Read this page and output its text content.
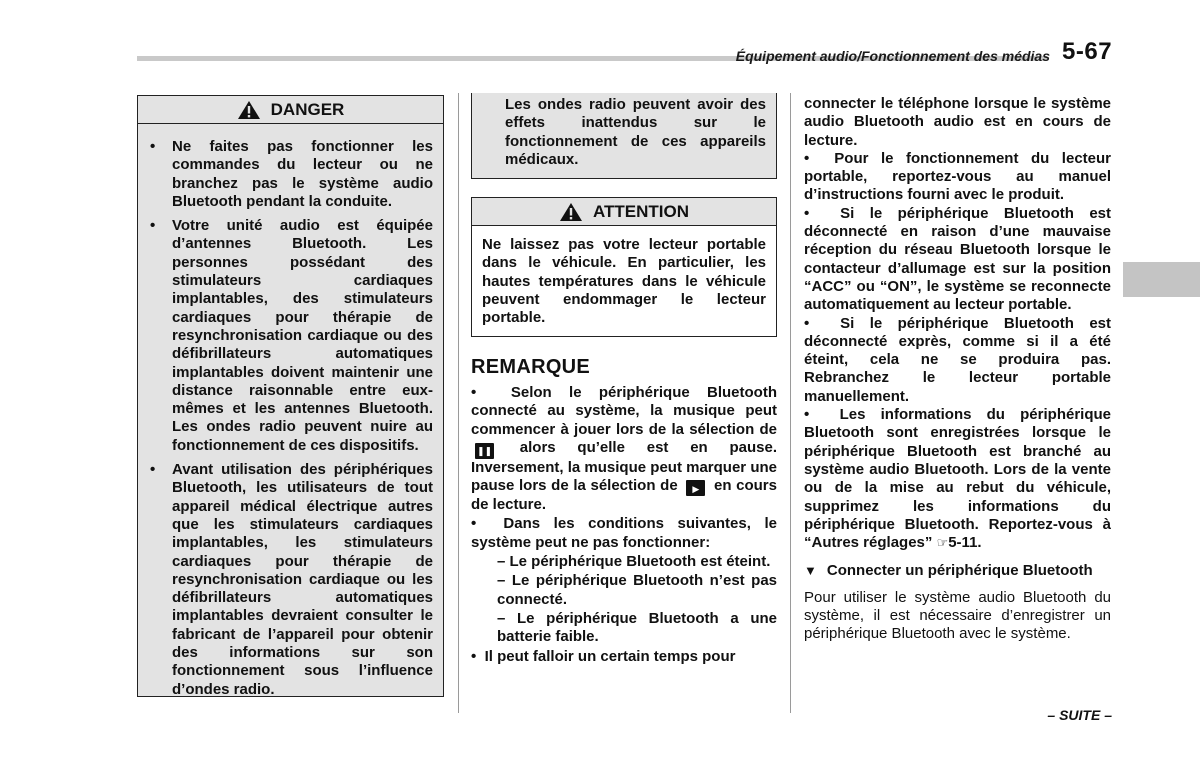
Équipement audio/Fonctionnement des médias 5-67
DANGER
• Ne faites pas fonctionner les commandes du lecteur ou ne branchez pas le système audio Bluetooth pendant la conduite.
• Votre unité audio est équipée d’antennes Bluetooth. Les personnes possédant des stimulateurs cardiaques implantables, des stimulateurs cardiaques pour thérapie de resynchronisation cardiaque ou des défibrillateurs automatiques implantables doivent maintenir une distance raisonnable entre eux-mêmes et les antennes Bluetooth. Les ondes radio peuvent nuire au fonctionnement de ces dispositifs.
• Avant utilisation des périphériques Bluetooth, les utilisateurs de tout appareil médical électrique autres que les stimulateurs cardiaques implantables, les stimulateurs cardiaques pour thérapie de resynchronisation cardiaque ou les défibrillateurs automatiques implantables devraient consulter le fabricant de l’appareil pour obtenir des informations sur son fonctionnement sous l’influence d’ondes radio.

Les ondes radio peuvent avoir des effets inattendus sur le fonctionnement de ces appareils médicaux.

ATTENTION

Ne laissez pas votre lecteur portable dans le véhicule. En particulier, les hautes températures dans le véhicule peuvent endommager le lecteur portable.

REMARQUE

•  Selon le périphérique Bluetooth connecté au système, la musique peut commencer à jouer lors de la sélection de ❚❚ alors qu’elle est en pause. Inversement, la musique peut marquer une pause lors de la sélection de ▶ en cours de lecture.

•  Dans les conditions suivantes, le système peut ne pas fonctionner:

– Le périphérique Bluetooth est éteint.

– Le périphérique Bluetooth n’est pas connecté.

– Le périphérique Bluetooth a une batterie faible.

•  Il peut falloir un certain temps pour

connecter le téléphone lorsque le système audio Bluetooth audio est en cours de lecture.

•  Pour le fonctionnement du lecteur portable, reportez-vous au manuel d’instructions fourni avec le produit.

•  Si le périphérique Bluetooth est déconnecté en raison d’une mauvaise réception du réseau Bluetooth lorsque le contacteur d’allumage est sur la position “ACC” ou “ON”, le système se reconnecte automatiquement au lecteur portable.

•  Si le périphérique Bluetooth est déconnecté exprès, comme si il a été éteint, cela ne se produira pas. Rebranchez le lecteur portable manuellement.

•  Les informations du périphérique Bluetooth sont enregistrées lorsque le périphérique Bluetooth est branché au système audio Bluetooth. Lors de la vente ou de la mise au rebut du véhicule, supprimez les informations du périphérique Bluetooth. Reportez-vous à “Autres réglages” ☞5-11.

▼ Connecter un périphérique Bluetooth

Pour utiliser le système audio Bluetooth du système, il est nécessaire d’enregistrer un périphérique Bluetooth avec le système.

– SUITE –
